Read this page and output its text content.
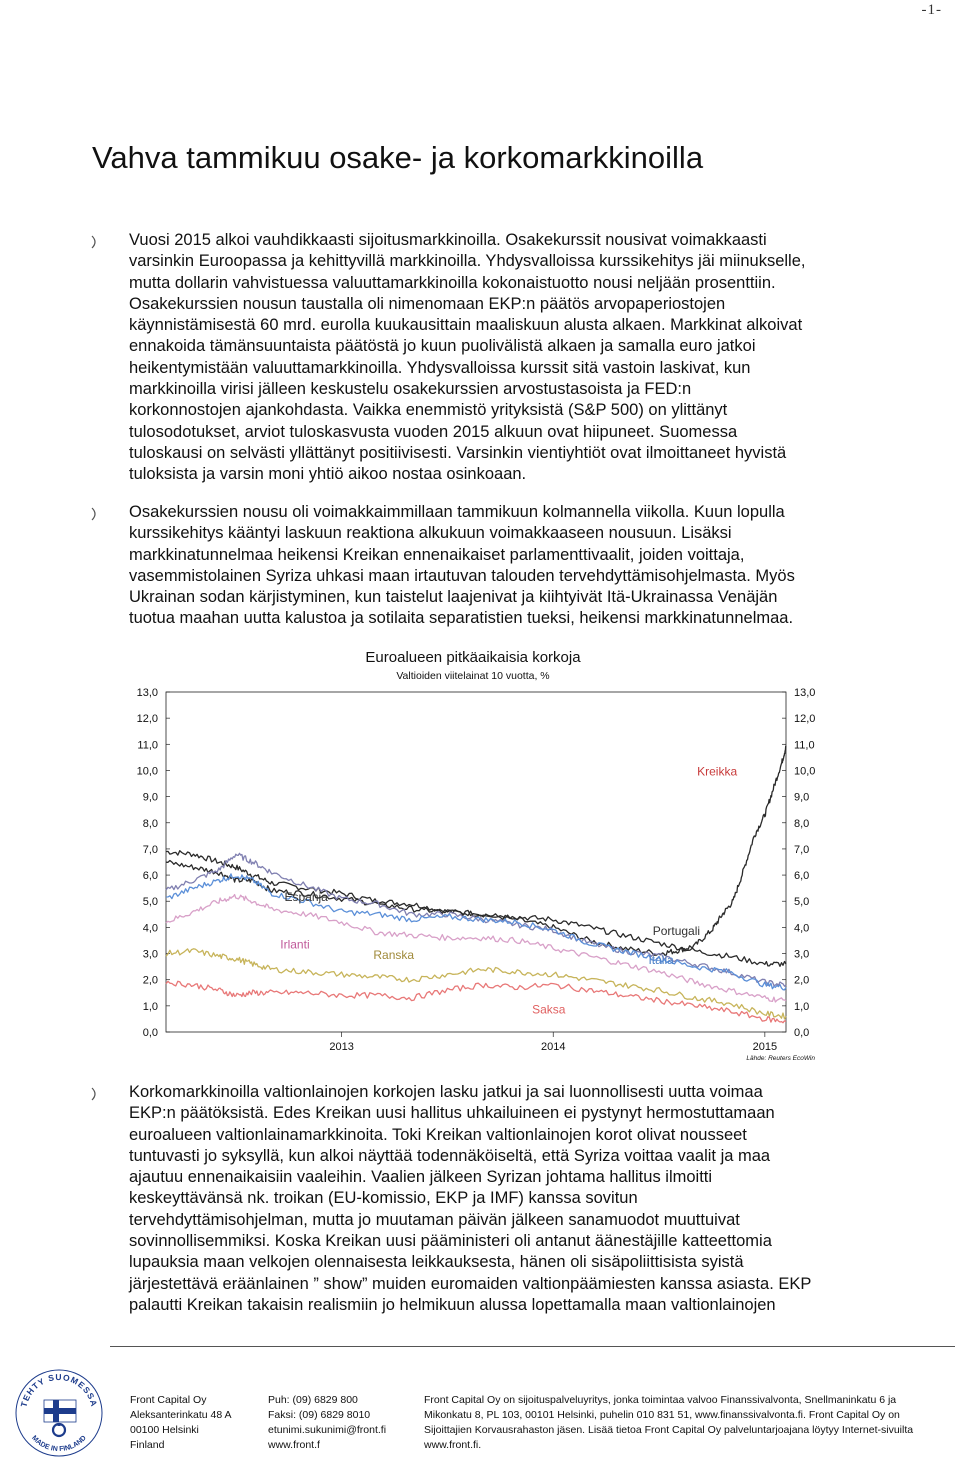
-1-
Vahva tammikuu osake- ja korkomarkkinoilla
Vuosi 2015 alkoi vauhdikkaasti sijoitusmarkkinoilla. Osakekurssit nousivat voimakkaasti
varsinkin Euroopassa ja kehittyvillä markkinoilla. Yhdysvalloissa kurssikehitys jäi miinukselle,
mutta dollarin vahvistuessa valuuttamarkkinoilla kokonaistuotto nousi neljään prosenttiin.
Osakekurssien nousun taustalla oli nimenomaan EKP:n päätös arvopaperiostojen
käynnistämisestä 60 mrd. eurolla kuukausittain maaliskuun alusta alkaen. Markkinat alkoivat
ennakoida tämänsuuntaista päätöstä jo kuun puolivälistä alkaen ja samalla euro jatkoi
heikentymistään valuuttamarkkinoilla. Yhdysvalloissa kurssit sitä vastoin laskivat, kun
markkinoilla virisi jälleen keskustelu osakekurssien arvostustasoista ja FED:n
korkonnostojen ajankohdasta. Vaikka enemmistö yrityksistä (S&P 500) on ylittänyt
tulosodotukset, arviot tuloskasvusta vuoden 2015 alkuun ovat hiipuneet. Suomessa
tuloskausi on selvästi yllättänyt positiivisesti. Varsinkin vientiyhtiöt ovat ilmoittaneet hyvistä
tuloksista ja varsin moni yhtiö aikoo nostaa osinkoaan.
Osakekurssien nousu oli voimakkaimmillaan tammikuun kolmannella viikolla. Kuun lopulla
kurssikehitys kääntyi laskuun reaktiona alkukuun voimakkaaseen nousuun. Lisäksi
markkinatunnelmaa heikensi Kreikan ennenaikaiset parlamenttivaalit, joiden voittaja,
vasemmistolainen Syriza uhkasi maan irtautuvan talouden tervehdyttämisohjelmasta. Myös
Ukrainan sodan kärjistyminen, kun taistelut laajenivat ja kiihtyivät Itä-Ukrainassa Venäjän
tuotua maahan uutta kalustoa ja sotilaita separatistien tueksi, heikensi markkinatunnelmaa.
Euroalueen pitkäaikaisia korkoja
Valtioiden viitelainat 10 vuotta, %
Lähde: Reuters EcoWin
0,0	0,0
1,0	1,0
2,0	2,0
3,0	3,0
4,0	4,0
5,0	5,0
6,0	6,0
7,0	7,0
8,0	8,0
9,0	9,0
10,0	10,0
11,0	11,0
12,0	12,0
13,0	13,0
2013	2014	2015
Kreikka
Espanja
Portugali
Irlanti
Ranska	Italia
Saksa
Korkomarkkinoilla valtionlainojen korkojen lasku jatkui ja sai luonnollisesti uutta voimaa
EKP:n päätöksistä. Edes Kreikan uusi hallitus uhkailuineen ei pystynyt hermostuttamaan
euroalueen valtionlainamarkkinoita. Toki Kreikan valtionlainojen korot olivat nousseet
tuntuvasti jo syksyllä, kun alkoi näyttää todennäköiseltä, että Syriza voittaa vaalit ja maa
ajautuu ennenaikaisiin vaaleihin. Vaalien jälkeen Syrizan johtama hallitus ilmoitti
keskeyttävänsä nk. troikan (EU-komissio, EKP ja IMF) kanssa sovitun
tervehdyttämisohjelman, mutta jo muutaman päivän jälkeen sanamuodot muuttuivat
sovinnollisemmiksi. Koska Kreikan uusi pääministeri oli antanut äänestäjille katteettomia
lupauksia maan velkojen olennaisesta leikkauksesta, hänen oli sisäpoliittisista syistä
järjestettävä eräänlainen ” show” muiden euromaiden valtionpäämiesten kanssa asiasta. EKP
palautti Kreikan takaisin realismiin jo helmikuun alussa lopettamalla maan valtionlainojen
TEHTY SUOMESSA
MADE IN FINLAND
Front Capital Oy
Aleksanterinkatu 48 A
00100 Helsinki
Finland
Puh: (09) 6829 800
Faksi: (09) 6829 8010
etunimi.sukunimi@front.fi
www.front.f
Front Capital Oy on sijoituspalveluyritys, jonka toimintaa valvoo Finanssivalvonta, Snellmaninkatu 6 ja
Mikonkatu 8, PL 103, 00101 Helsinki, puhelin 010 831 51, www.finanssivalvonta.fi. Front Capital Oy on
Sijoittajien Korvausrahaston jäsen. Lisää tietoa Front Capital Oy palveluntarjoajana löytyy Internet-sivuilta
www.front.fi.
